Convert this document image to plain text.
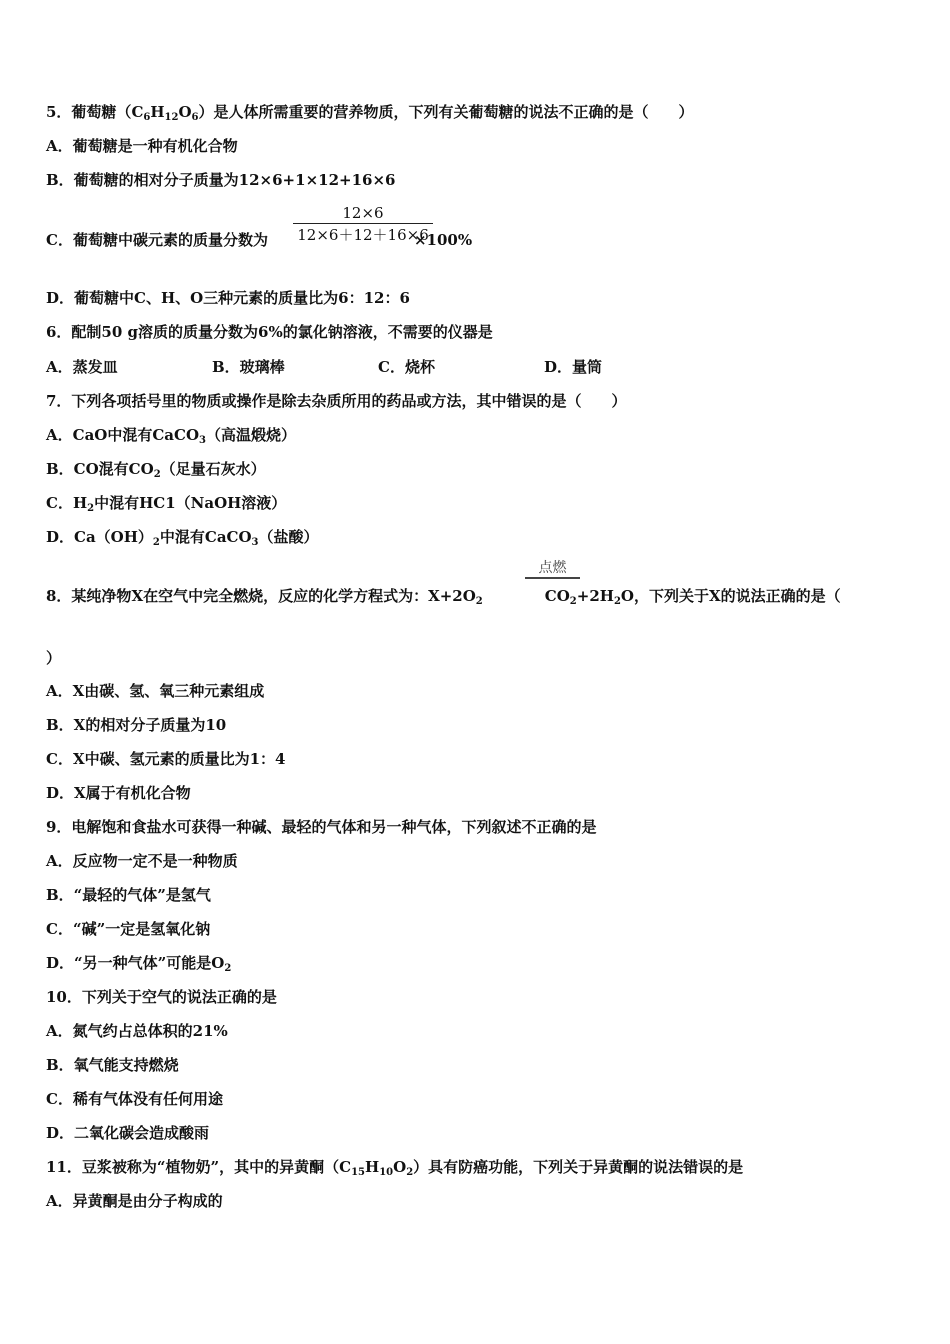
5．葡萄糖$(C_6H_{12}O_6)$是人体所需重要的营养物质，下列有关葡萄糖的说法不正确的是（　　）
A．葡萄糖是一种有机化合物
B．葡萄糖的相对分子质量为12×6+1×12+16×6
C．葡萄糖中碳元素的质量分数为	×100%
$\frac{12\times 6}{12\times 6+12+16\times 6}$
D．葡萄糖中C、H、O三种元素的质量比为6：12：6
6．配制50 g溶质的质量分数为6%的氯化钠溶液，不需要的仪器是
A．蒸发皿	B．玻璃棒	C．烧杯	D．量筒
7．下列各项括号里的物质或操作是除去杂质所用的药品或方法，其中错误的是（　　）
A．CaO中混有CaCO$_3$（高温煅烧）
B．CO混有$CO_2$（足量石灰水）
C．$H_2$中混有HC1（NaOH溶液）
D．$Ca(OH)_2$中混有CaCO$_3$（盐酸）
点燃
8．某纯净物X在空气中完全燃烧，反应的化学方程式为：$X+2O_2$	$CO_2+2H_2O$，下列关于X的说法正确的是（
）
A．X由碳、氢、氧三种元素组成
B．X的相对分子质量为10
C．X中碳、氢元素的质量比为1：4
D．X属于有机化合物
9．电解饱和食盐水可获得一种碱、最轻的气体和另一种气体，下列叙述不正确的是
A．反应物一定不是一种物质
B．“最轻的气体”是氢气
C．“碱”一定是氢氧化钠
D．“另一种气体”可能是$O_2$
10．下列关于空气的说法正确的是
A．氮气约占总体积的21%
B．氧气能支持燃烧
C．稀有气体没有任何用途
D．二氧化碳会造成酸雨
11．豆浆被称为“植物奶”，其中的异黄酮$(C_{15}H_{10}O_2)$具有防癌功能，下列关于异黄酮的说法错误的是
A．异黄酮是由分子构成的
